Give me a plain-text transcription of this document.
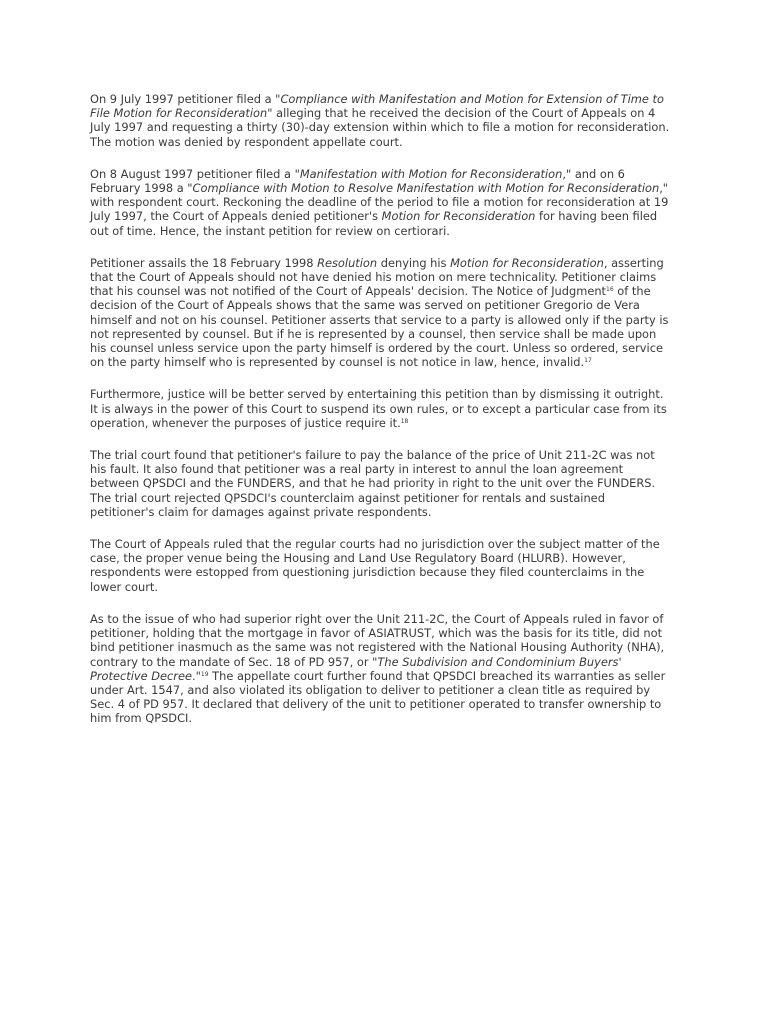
On 9 July 1997 petitioner filed a "Compliance with Manifestation and Motion for Extension of Time to File Motion for Reconsideration" alleging that he received the decision of the Court of Appeals on 4 July 1997 and requesting a thirty (30)-day extension within which to file a motion for reconsideration. The motion was denied by respondent appellate court.

On 8 August 1997 petitioner filed a "Manifestation with Motion for Reconsideration," and on 6 February 1998 a "Compliance with Motion to Resolve Manifestation with Motion for Reconsideration," with respondent court. Reckoning the deadline of the period to file a motion for reconsideration at 19 July 1997, the Court of Appeals denied petitioner's Motion for Reconsideration for having been filed out of time. Hence, the instant petition for review on certiorari.

Petitioner assails the 18 February 1998 Resolution denying his Motion for Reconsideration, asserting that the Court of Appeals should not have denied his motion on mere technicality. Petitioner claims that his counsel was not notified of the Court of Appeals' decision. The Notice of Judgment$^{16}$ of the decision of the Court of Appeals shows that the same was served on petitioner Gregorio de Vera himself and not on his counsel. Petitioner asserts that service to a party is allowed only if the party is not represented by counsel. But if he is represented by a counsel, then service shall be made upon his counsel unless service upon the party himself is ordered by the court. Unless so ordered, service on the party himself who is represented by counsel is not notice in law, hence, invalid.$^{17}$

Furthermore, justice will be better served by entertaining this petition than by dismissing it outright. It is always in the power of this Court to suspend its own rules, or to except a particular case from its operation, whenever the purposes of justice require it.$^{18}$

The trial court found that petitioner's failure to pay the balance of the price of Unit 211-2C was not his fault. It also found that petitioner was a real party in interest to annul the loan agreement between QPSDCI and the FUNDERS, and that he had priority in right to the unit over the FUNDERS. The trial court rejected QPSDCI's counterclaim against petitioner for rentals and sustained petitioner's claim for damages against private respondents.

The Court of Appeals ruled that the regular courts had no jurisdiction over the subject matter of the case, the proper venue being the Housing and Land Use Regulatory Board (HLURB). However, respondents were estopped from questioning jurisdiction because they filed counterclaims in the lower court.

As to the issue of who had superior right over the Unit 211-2C, the Court of Appeals ruled in favor of petitioner, holding that the mortgage in favor of ASIATRUST, which was the basis for its title, did not bind petitioner inasmuch as the same was not registered with the National Housing Authority (NHA), contrary to the mandate of Sec. 18 of PD 957, or "The Subdivision and Condominium Buyers' Protective Decree."$^{19}$ The appellate court further found that QPSDCI breached its warranties as seller under Art. 1547, and also violated its obligation to deliver to petitioner a clean title as required by Sec. 4 of PD 957. It declared that delivery of the unit to petitioner operated to transfer ownership to him from QPSDCI.
